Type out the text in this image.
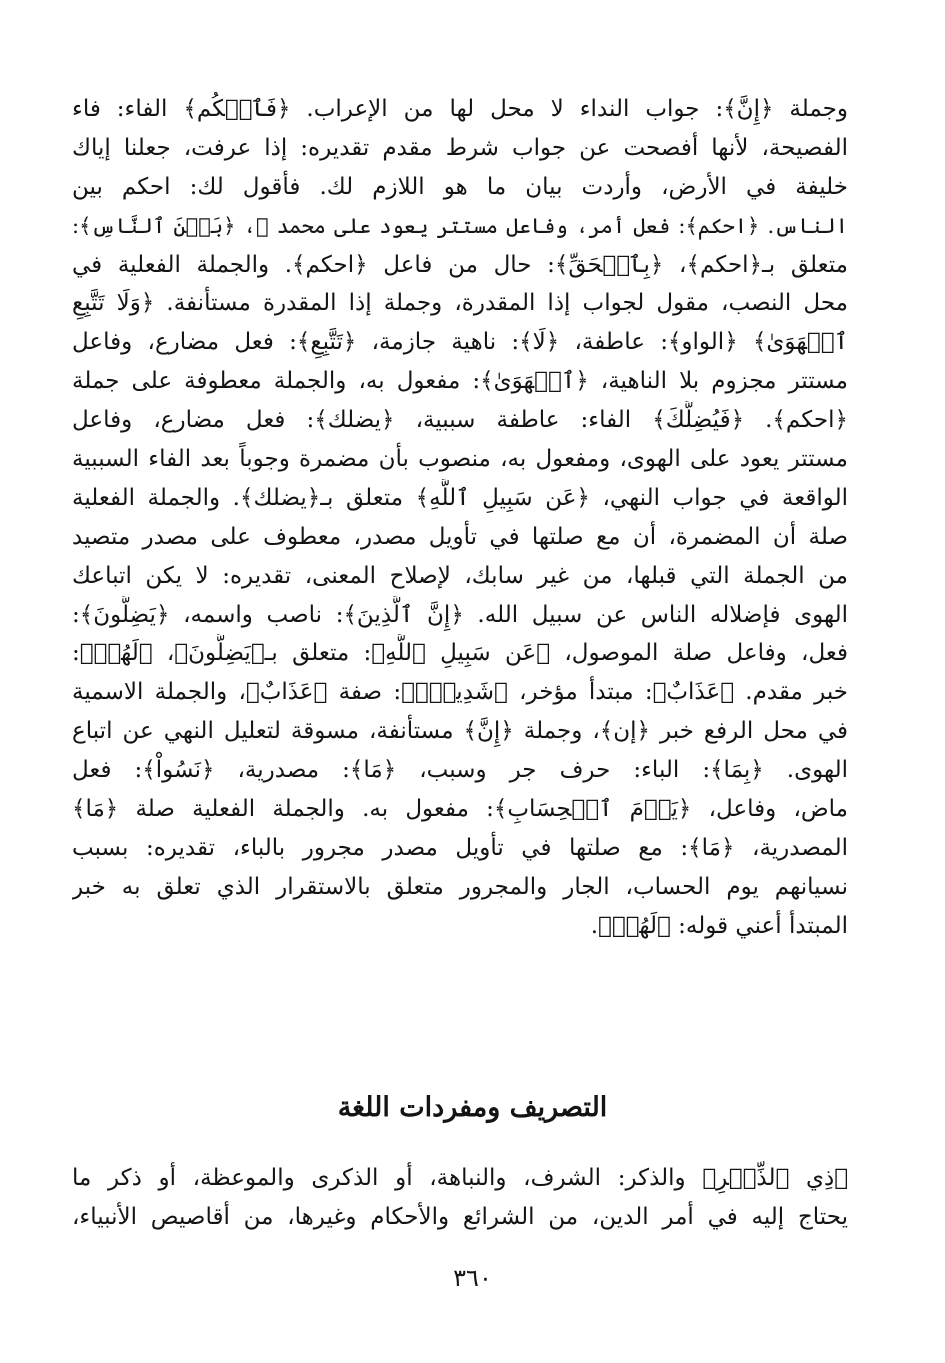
وجملة ﴿إِنَّ﴾: جواب النداء لا محل لها من الإعراب. ﴿فَٱحۡكُم﴾ الفاء: فاء
الفصيحة، لأنها أفصحت عن جواب شرط مقدم تقديره: إذا عرفت، جعلنا إياك
خليفة في الأرض، وأردت بيان ما هو اللازم لك. فأقول لك: احكم بين
الناس. ﴿احكم﴾: فعل أمر، وفاعل مستتر يعود على محمد ﷺ، ﴿بَيۡنَ ٱلنَّاسِ﴾:
متعلق بـ﴿احكم﴾، ﴿بِٱلۡحَقِّ﴾: حال من فاعل ﴿احكم﴾. والجملة الفعلية في
محل النصب، مقول لجواب إذا المقدرة، وجملة إذا المقدرة مستأنفة. ﴿وَلَا تَتَّبِعِ
ٱلۡهَوَىٰ﴾ ﴿الواو﴾: عاطفة، ﴿لَا﴾: ناهية جازمة، ﴿تَتَّبِعِ﴾: فعل مضارع، وفاعل
مستتر مجزوم بلا الناهية، ﴿ٱلۡهَوَىٰ﴾: مفعول به، والجملة معطوفة على جملة
﴿احكم﴾. ﴿فَيُضِلَّكَ﴾ الفاء: عاطفة سببية، ﴿يضلك﴾: فعل مضارع، وفاعل
مستتر يعود على الهوى، ومفعول به، منصوب بأن مضمرة وجوباً بعد الفاء السببية
الواقعة في جواب النهي، ﴿عَن سَبِيلِ ٱللَّهِ﴾ متعلق بـ﴿يضلك﴾. والجملة الفعلية
صلة أن المضمرة، أن مع صلتها في تأويل مصدر، معطوف على مصدر متصيد
من الجملة التي قبلها، من غير سابك، لإصلاح المعنى، تقديره: لا يكن اتباعك
الهوى فإضلاله الناس عن سبيل الله. ﴿إِنَّ ٱلَّذِينَ﴾: ناصب واسمه، ﴿يَضِلُّونَ﴾:
فعل، وفاعل صلة الموصول، ﴿عَن سَبِيلِ ٱللَّهِ﴾: متعلق بـ﴿يَضِلُّونَ﴾، ﴿لَهُمۡ﴾:
خبر مقدم. ﴿عَذَابٌ﴾: مبتدأ مؤخر، ﴿شَدِيدُۢ﴾: صفة ﴿عَذَابٌ﴾، والجملة الاسمية
في محل الرفع خبر ﴿إن﴾، وجملة ﴿إِنَّ﴾ مستأنفة، مسوقة لتعليل النهي عن اتباع
الهوى. ﴿بِمَا﴾: الباء: حرف جر وسبب، ﴿مَا﴾: مصدرية، ﴿نَسُواْ﴾: فعل
ماض، وفاعل، ﴿يَوۡمَ ٱلۡحِسَابِ﴾: مفعول به. والجملة الفعلية صلة ﴿مَا﴾
المصدرية، ﴿مَا﴾: مع صلتها في تأويل مصدر مجرور بالباء، تقديره: بسبب
نسيانهم يوم الحساب، الجار والمجرور متعلق بالاستقرار الذي تعلق به خبر
المبتدأ أعني قوله: ﴿لَهُمۡ﴾.
التصريف ومفردات اللغة
﴿ذِي ٱلذِّكۡرِ﴾ والذكر: الشرف، والنباهة، أو الذكرى والموعظة، أو ذكر ما
يحتاج إليه في أمر الدين، من الشرائع والأحكام وغيرها، من أقاصيص الأنبياء،
٣٦٠
